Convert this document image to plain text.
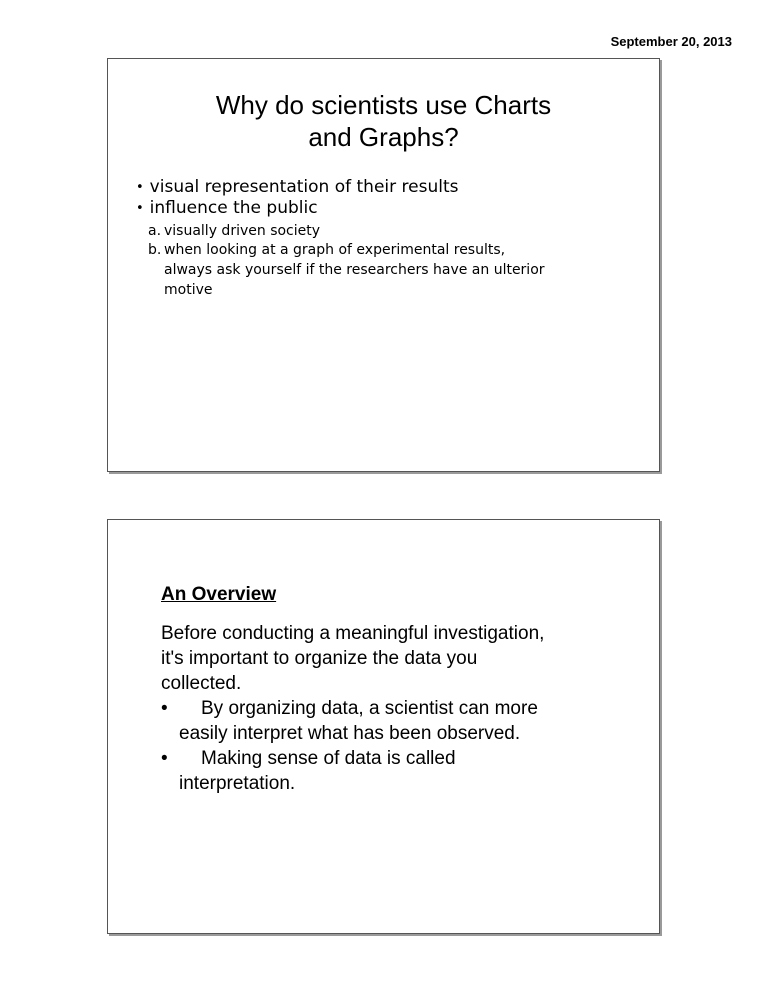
September 20, 2013
Why do scientists use Charts
and Graphs?
• visual representation of their results
• influence the public
a. visually driven society
b. when looking at a graph of experimental results,
always ask yourself if the researchers have an ulterior
motive
An Overview
Before conducting a meaningful investigation,
it's important to organize the data you
collected.
• By organizing data, a scientist can more
easily interpret what has been observed.
• Making sense of data is called
interpretation.
